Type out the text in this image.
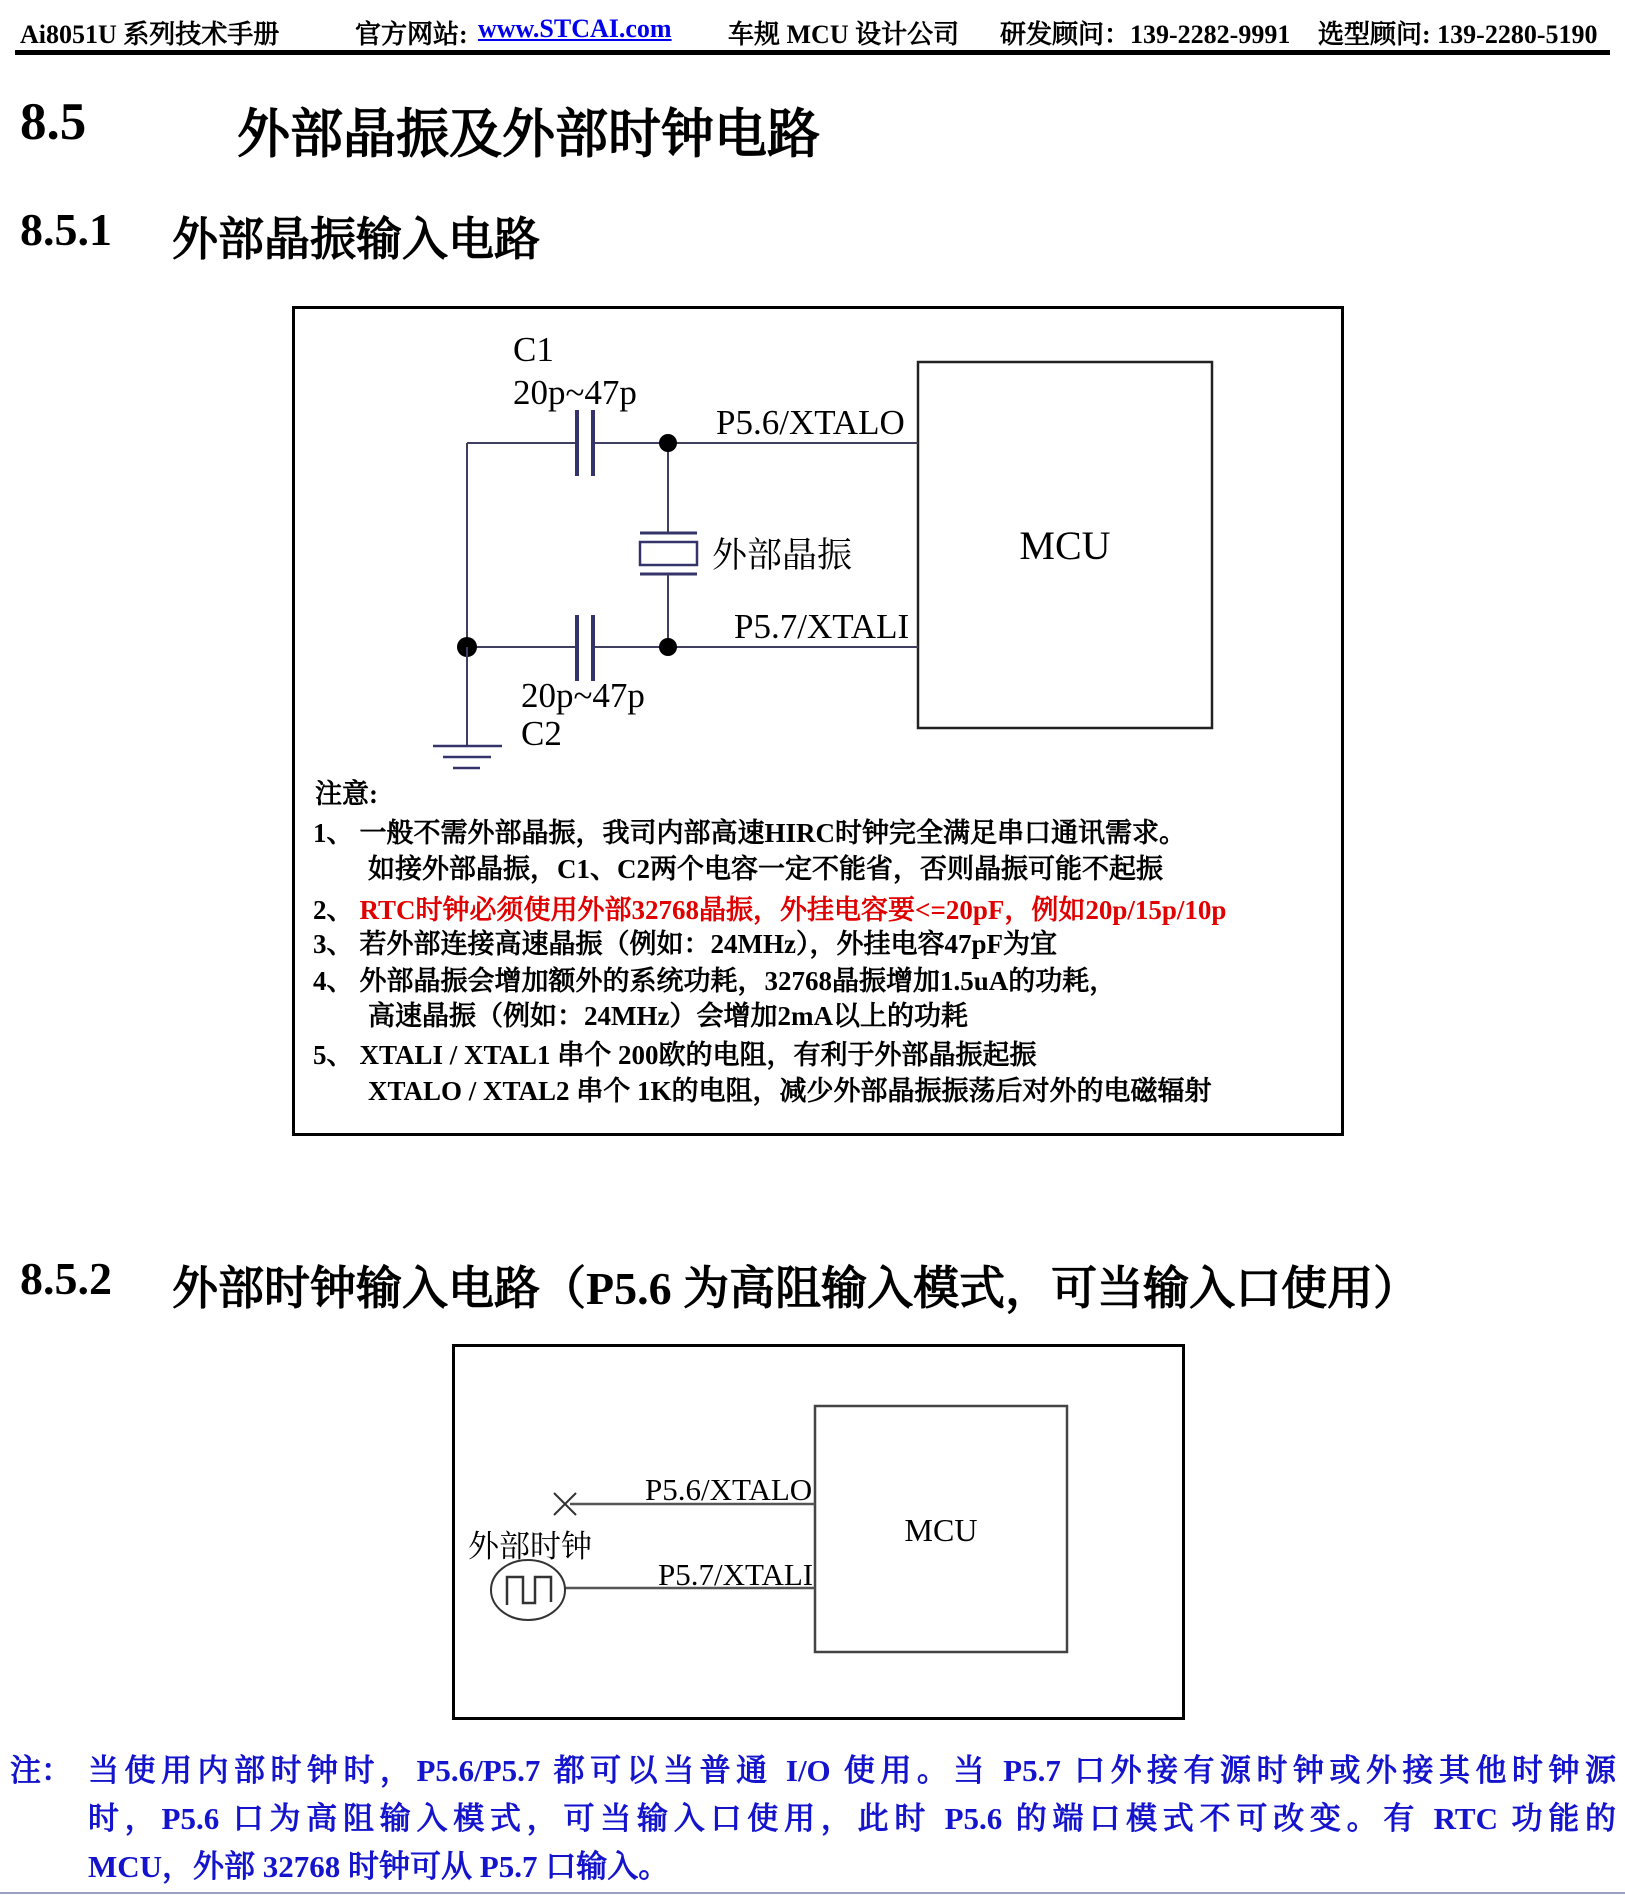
Ai8051U 系列技术手册	官方网站: www.STCAI.com 车规 MCU 设计公司 研发顾问：139-2282-9991 选型顾问: 139-2280-5190
8.5	外部晶振及外部时钟电路
8.5.1 外部晶振输入电路
C1
20p~47p
P5.6/XTALO
外部晶振
P5.7/XTALI
20p~47p
C2
MCU
注意:
1、 一般不需外部晶振，我司内部高速HIRC时钟完全满足串口通讯需求。
如接外部晶振，C1、C2两个电容一定不能省，否则晶振可能不起振
2、 RTC时钟必须使用外部32768晶振，外挂电容要<=20pF，例如20p/15p/10p
3、 若外部连接高速晶振（例如：24MHz），外挂电容47pF为宜
4、 外部晶振会增加额外的系统功耗，32768晶振增加1.5uA的功耗，
高速晶振（例如：24MHz）会增加2mA以上的功耗
5、 XTALI / XTAL1 串个 200欧的电阻，有利于外部晶振起振
XTALO / XTAL2 串个 1K的电阻，减少外部晶振振荡后对外的电磁辐射
8.5.2 外部时钟输入电路（P5.6 为高阻输入模式，可当输入口使用）
P5.6/XTALO
外部时钟
P5.7/XTALI
MCU
注： 当使用内部时钟时，P5.6/P5.7 都可以当普通 I/O 使用。当 P5.7 口外接有源时钟或外接其他时钟源
时，P5.6 口为高阻输入模式，可当输入口使用，此时 P5.6 的端口模式不可改变。有 RTC 功能的
MCU，外部 32768 时钟可从 P5.7 口输入。
